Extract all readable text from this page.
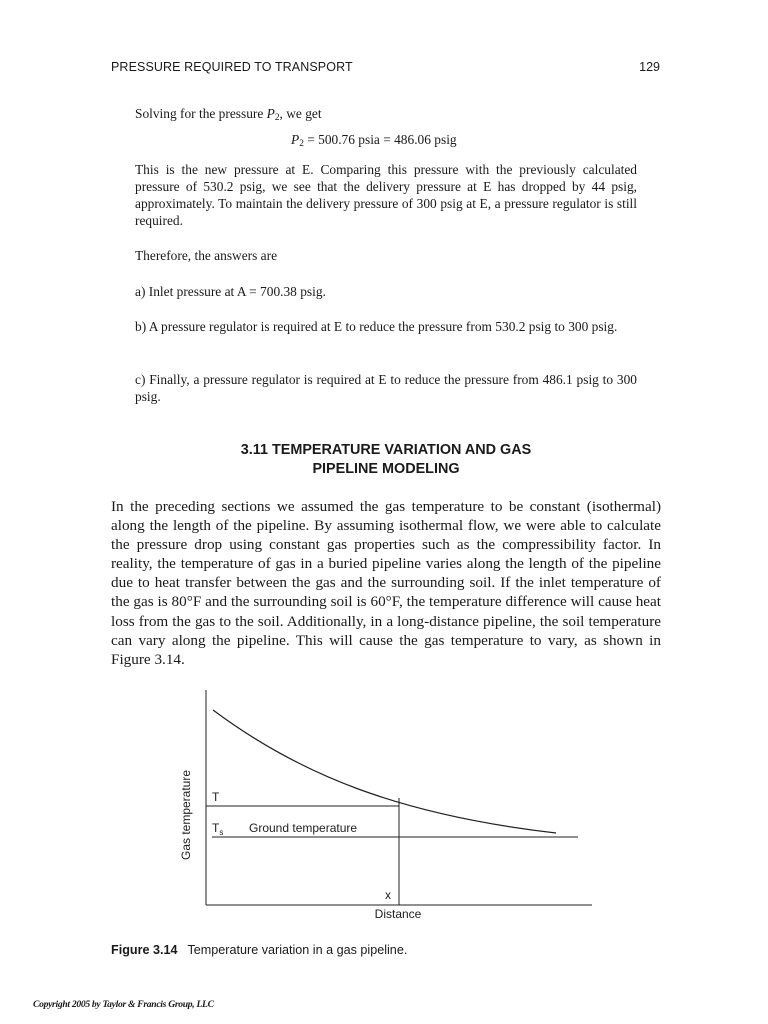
PRESSURE REQUIRED TO TRANSPORT	129
Solving for the pressure $P_2$, we get
$P_2 = 500.76$ psia = 486.06 psig
This is the new pressure at E. Comparing this pressure with the previously calculated pressure of 530.2 psig, we see that the delivery pressure at E has dropped by 44 psig, approximately. To maintain the delivery pressure of 300 psig at E, a pressure regulator is still required.
Therefore, the answers are
a) Inlet pressure at A = 700.38 psig.
b) A pressure regulator is required at E to reduce the pressure from 530.2 psig to 300 psig.
c) Finally, a pressure regulator is required at E to reduce the pressure from 486.1 psig to 300 psig.
3.11 TEMPERATURE VARIATION AND GAS
PIPELINE MODELING
In the preceding sections we assumed the gas temperature to be constant (isothermal) along the length of the pipeline. By assuming isothermal flow, we were able to calculate the pressure drop using constant gas properties such as the compressibility factor. In reality, the temperature of gas in a buried pipeline varies along the length of the pipeline due to heat transfer between the gas and the surrounding soil. If the inlet temperature of the gas is 80°F and the surrounding soil is 60°F, the temperature difference will cause heat loss from the gas to the soil. Additionally, in a long-distance pipeline, the soil temperature can vary along the pipeline. This will cause the gas temperature to vary, as shown in Figure 3.14.
T
$T_s$ Ground temperature
x
Distance
Gas temperature
Figure 3.14 Temperature variation in a gas pipeline.
Copyright 2005 by Taylor & Francis Group, LLC
